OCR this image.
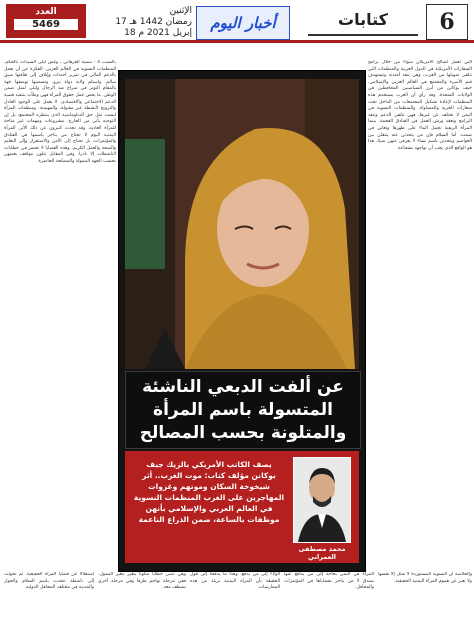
6
كتابات
أخبار اليوم
الإثنين
17 رمضان 1442 هـ
18 إبريل 2021 م
العدد
5469
بالسبب 4 - سمية الفرهاني ، وغض ليلى السيدات بالحكم. المنظمات النسوية في العالم العربي. الفكرة عن أن تعمل بالدعم المالي في تمرير أجندات وإيلاف إلى ثقافتها ضيق سالم. واستلم ولاية دولة بيرو. وتسميتها بوصفها جهة بالمقام التوتر في صراع ضد الرجال وليلى لمثل ضمن الوطن. ما يخص عمل حقوق المرأة فهي وطأت بتنفيذ قضية الدعم الاجتماعي والاقتصادي. لا يعمل على الوجود العادل والترويج لأنشطة غير مقبولة، والمهيمنة. ومنظمات المرأة ليست مثل حق الدبلوماسية الذي ينتظره المجتمع، بل إن التوجيه يأتي من الخارج. مشروعات ومهمات غير متاحة للمرأة العادية. وقد تحدث كثيرون عن ذلك الأثر. المرأة اليمنية اليوم لا تحتاج من يتاجر باسمها في الفنادق والمؤتمرات، بل تحتاج إلى الأمن والاستقرار وإلى التعليم والصحة والعمل الكريم. وهذه القضايا لا تحضر في خطابات الناشطات إلا نادرا. وفي المقابل تتلون مواقف بعضهن بحسب الجهة الممولة والمصلحة الحاضرة.
التي تعمل لصالح الأمريكان سواء من خلال برامج السفارات الأمريكية في الدول العربية والمنظمات التي تتلقى تمويلها من الغرب، وهي تنفذ أجندته وتستهدف قيم الأسرة والمجتمع في العالم العربي والإسلامي. جيف بوكانن من أبرز السياسيين المحافظين في الولايات المتحدة. وقد رأى أن الغرب يستخدم هذه المنظمات لإعادة تشكيل المجتمعات من الداخل تحت شعارات الحرية والمساواة. والمنظمات النسوية في اليمن لا تختلف عن غيرها، فهي تتلقى الدعم وتنفذ البرامج وتعقد ورش العمل في الفنادق الفخمة. بينما المرأة الريفية تحمل الماء على ظهرها وتعاني في صمت. أما السلام فإن من يتحدثن عنه يتنقلن بين العواصم ويتحدثن باسم نساء لا يعرفن عنهن شيئا. هذا هو الواقع الذي يجب أن نواجهه بشجاعة.
عن ألفت الدبعي الناشئة
المتسولة باسم المرأة
والمتلونة بحسب المصالح
يصف الكاتب الأمريكي بالزيك جيف بوكانن مؤلف كتاب: موت الغرب.. أثر شيخوخة السكان وموتهم وغزوات المهاجرين على الغرب المنظمات النسوية في العالم العربي والإسلامي بأنهن موظفات بالساعة، ضمن الذراع الناعمة
محمد مصطفى العمراني
استقلالا عن قضايا المرأة الحقيقية. ثم تحولت إلى ناشطة تتحدث باسم السلام والحوار والمدنية في مختلف المحافل الدولية.
وهي تتبنى خطابا متلونا يتغير بتغير الممول. ففي مرحلة تهاجم طرفا وفي مرحلة أخرى تصطف معه.
الولاء إلى من يدفع، وهذا ما يدفعنا إلى قول الحقيقة بأن المرأة اليمنية بريئة من هذه الممارسات.
المرأة في اليمن بحاجة إلى من يدافع عنها بصدق لا من يتاجر بقضاياها في المؤتمرات والمحافل.
والخلاصة أن النسوية المستوردة لا تمثل إلا نفسها ولا تعبر عن هموم المرأة اليمنية الحقيقية.
